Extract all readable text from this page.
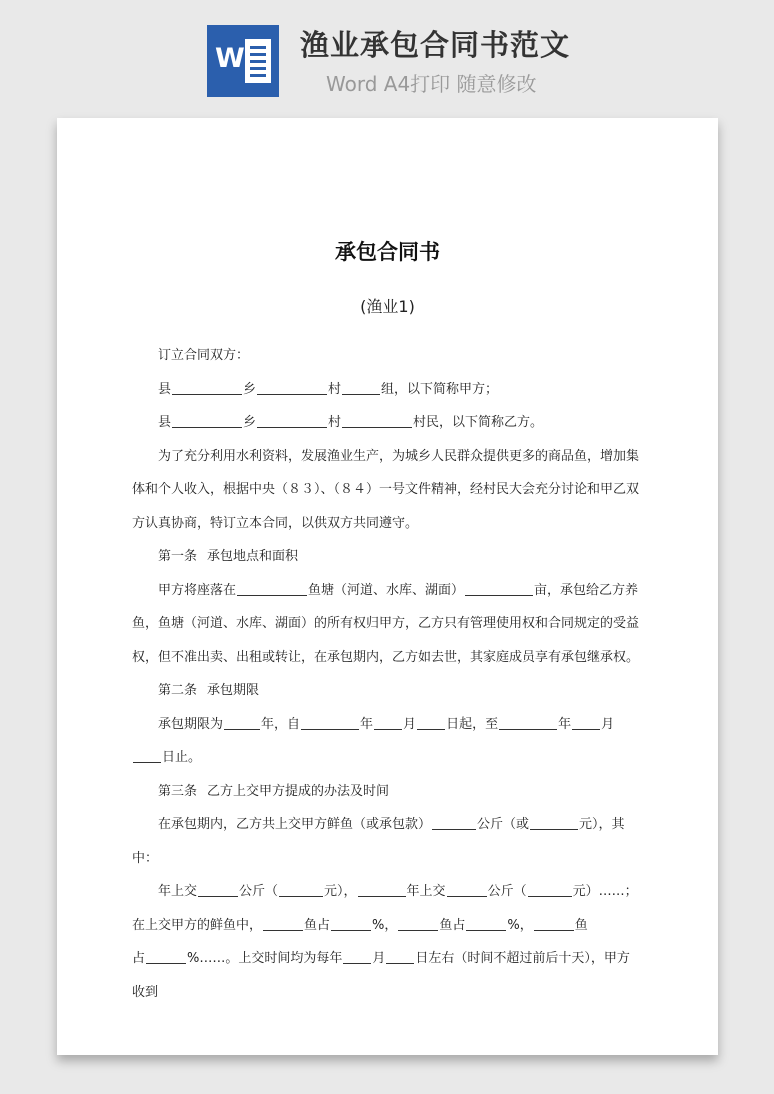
W 渔业承包合同书范文
Word A4打印 随意修改
承包合同书
(渔业1)

订立合同双方：

县	乡	村	组，以下简称甲方；

县	乡	村	村民，以下简称乙方。

为了充分利用水利资料，发展渔业生产，为城乡人民群众提供更多的商品鱼，增加集体和个人收入，根据中央（８３）、（８４）一号文件精神，经村民大会充分讨论和甲乙双方认真协商，特订立本合同，以供双方共同遵守。

第一条 承包地点和面积

甲方将座落在	鱼塘（河道、水库、湖面）	亩，承包给乙方养鱼，鱼塘（河道、水库、湖面）的所有权归甲方，乙方只有管理使用权和合同规定的受益权，但不准出卖、出租或转让，在承包期内，乙方如去世，其家庭成员享有承包继承权。

第二条 承包期限

承包期限为	年，自	年 月 日起，至	年 月日止。

第三条 乙方上交甲方提成的办法及时间

在承包期内，乙方共上交甲方鲜鱼（或承包款）	公斤（或	元），其中：

年上交	公斤（	元），	年上交	公斤（	元）……；

在上交甲方的鲜鱼中，	鱼占	%，	鱼占	%，	鱼

占	%……。上交时间均为每年 月 日左右（时间不超过前后十天），甲方收到
